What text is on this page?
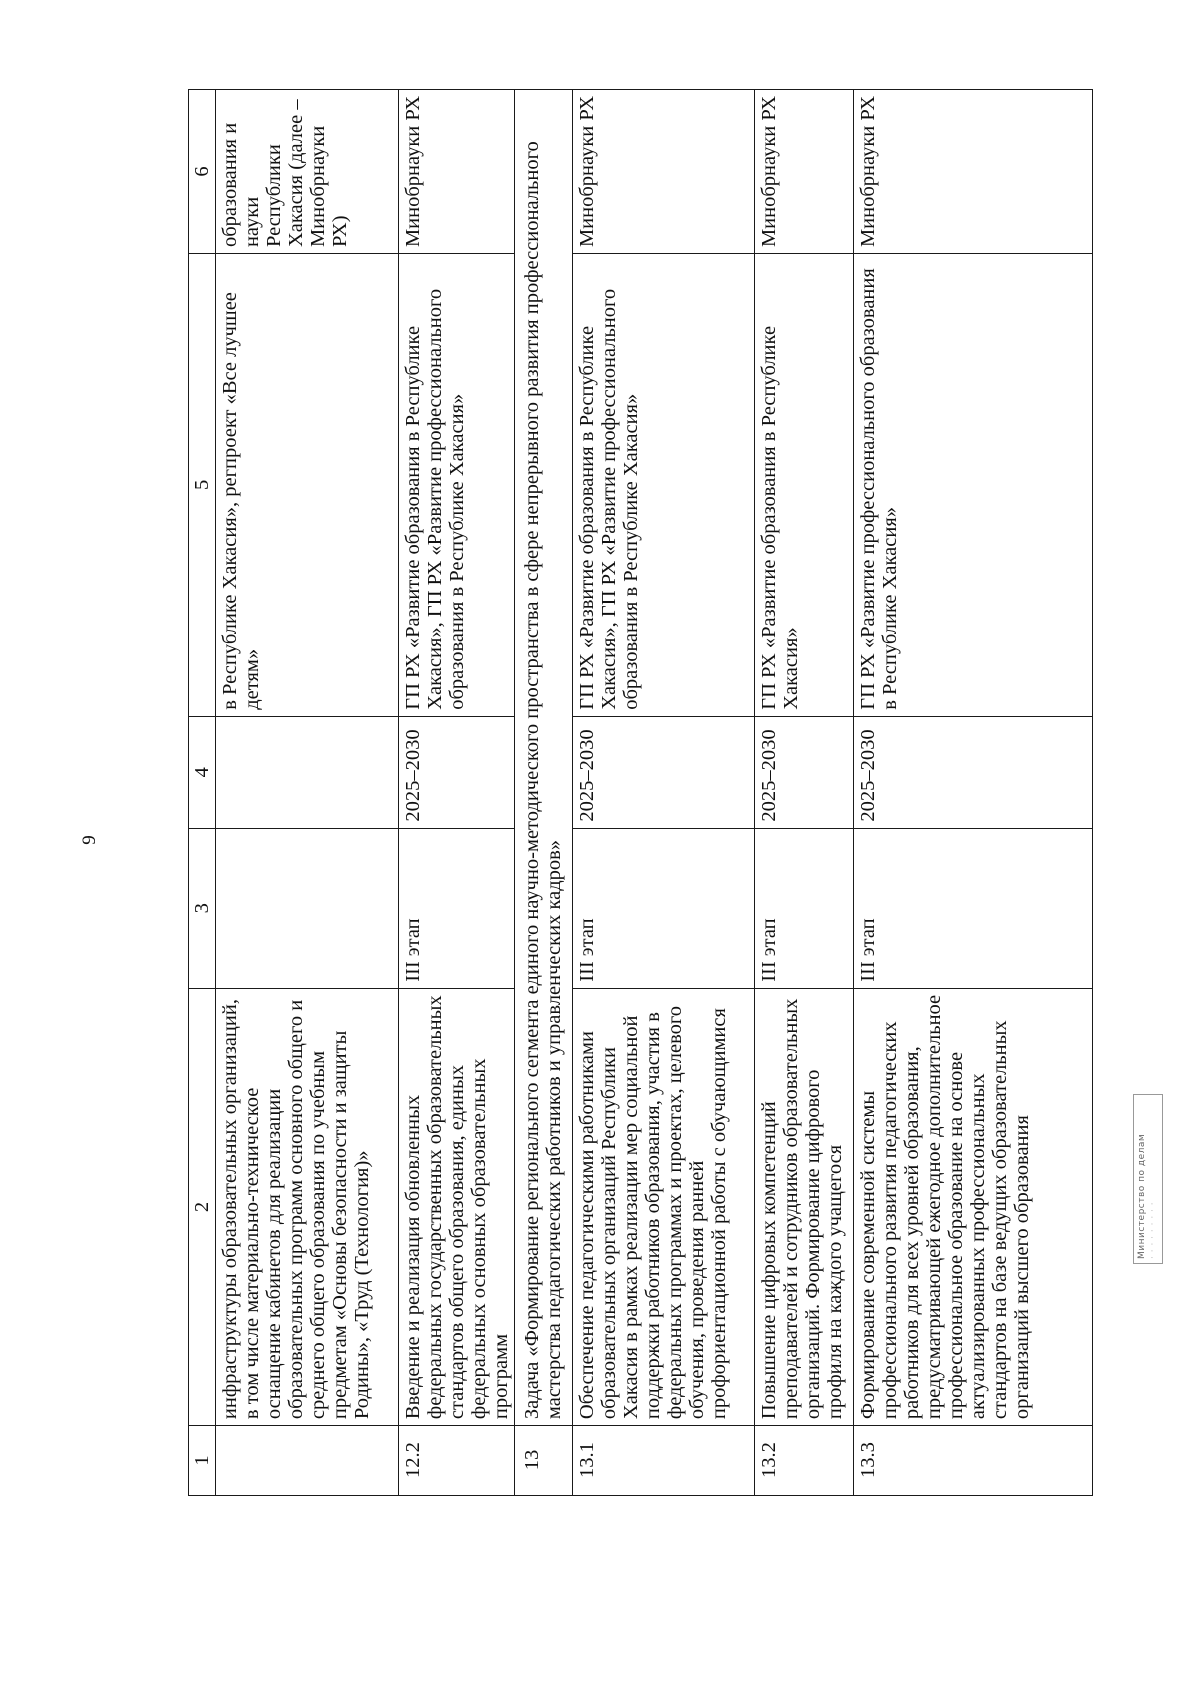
9
1	2	3	4	5	6
	инфраструктуры образовательных организаций, в том числе материально-техническое оснащение кабинетов для реализации образовательных программ основного общего и среднего общего образования по учебным предметам «Основы безопасности и защиты Родины», «Труд (Технология)»			в Республике Хакасия», регпроект «Все лучшее детям»	образования и науки Республики Хакасия (далее – Минобрнауки РХ)
12.2	Введение и реализация обновленных федеральных государственных образовательных стандартов общего образования, единых федеральных основных образовательных программ	III этап	2025–2030	ГП РХ «Развитие образования в Республике Хакасия», ГП РХ «Развитие профессионального образования в Республике Хакасия»	Минобрнауки РХ
13	Задача «Формирование регионального сегмента единого научно-методического пространства в сфере непрерывного развития профессионального мастерства педагогических работников и управленческих кадров»				
13.1	Обеспечение педагогическими работниками образовательных организаций Республики Хакасия в рамках реализации мер социальной поддержки работников образования, участия в федеральных программах и проектах, целевого обучения, проведения ранней профориентационной работы с обучающимися	III этап	2025–2030	ГП РХ «Развитие образования в Республике Хакасия», ГП РХ «Развитие профессионального образования в Республике Хакасия»	Минобрнауки РХ
13.2	Повышение цифровых компетенций преподавателей и сотрудников образовательных организаций. Формирование цифрового профиля на каждого учащегося	III этап	2025–2030	ГП РХ «Развитие образования в Республике Хакасия»	Минобрнауки РХ
13.3	Формирование современной системы профессионального развития педагогических работников для всех уровней образования, предусматривающей ежегодное дополнительное профессиональное образование на основе актуализированных профессиональных стандартов на базе ведущих образовательных организаций высшего образования	III этап	2025–2030	ГП РХ «Развитие профессионального образования в Республике Хакасия»	Минобрнауки РХ
Министерство по делам · · · · · · · · ·
